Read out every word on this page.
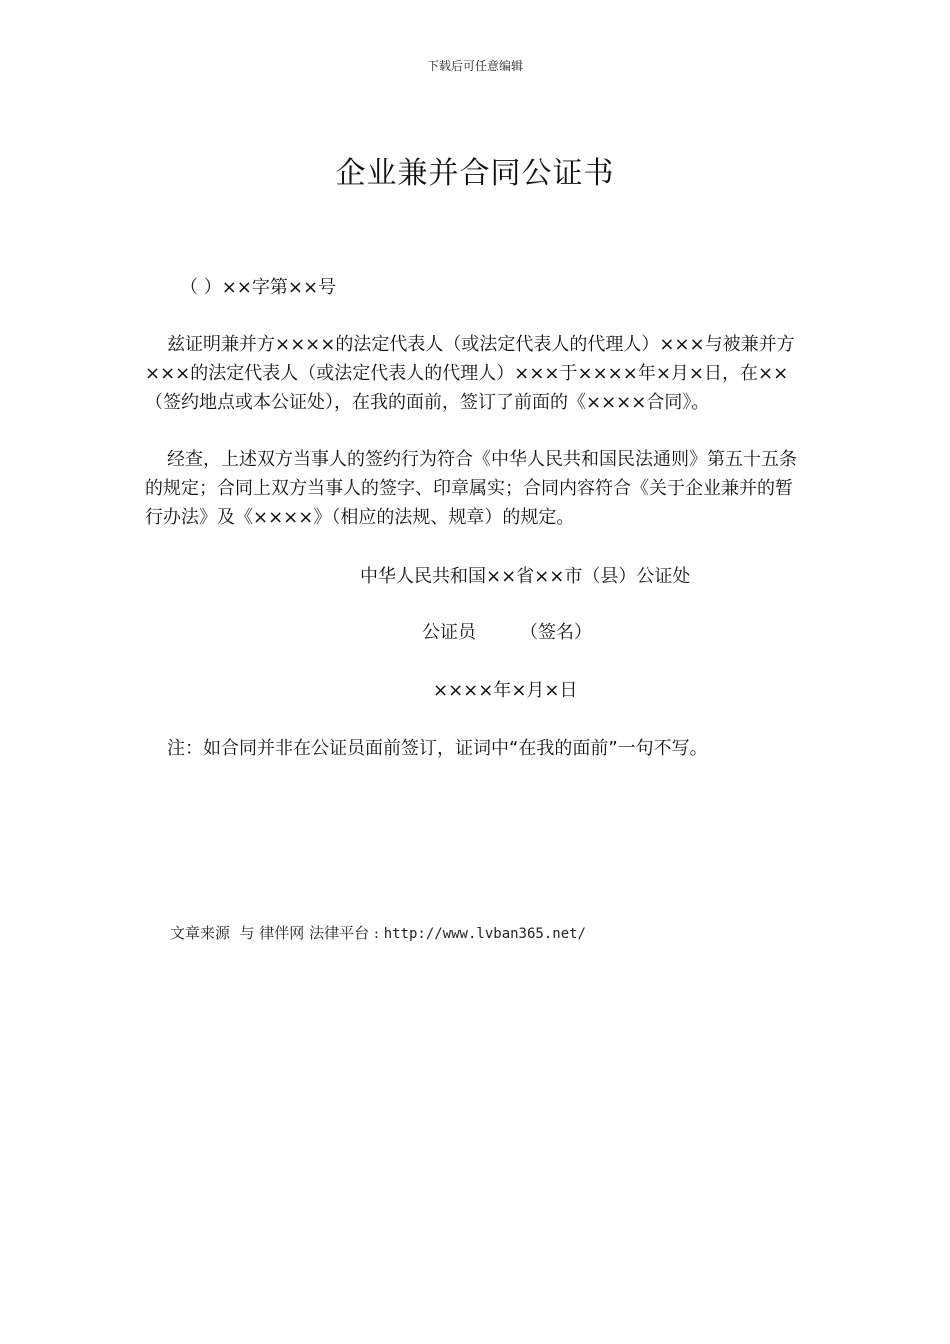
下载后可任意编辑
企业兼并合同公证书
（ ）××字第××号

兹证明兼并方××××的法定代表人（或法定代表人的代理人）×××与被兼并方×××的法定代表人（或法定代表人的代理人）×××于××××年×月×日，在××（签约地点或本公证处），在我的面前，签订了前面的《××××合同》。

经查，上述双方当事人的签约行为符合《中华人民共和国民法通则》第五十五条的规定；合同上双方当事人的签字、印章属实；合同内容符合《关于企业兼并的暂行办法》及《××××》（相应的法规、规章）的规定。

中华人民共和国××省××市（县）公证处
公证员 （签名）
××××年×月×日
注：如合同并非在公证员面前签订，证词中“在我的面前”一句不写。
文章来源  与 律伴网 法律平台 : http://www.lvban365.net/
